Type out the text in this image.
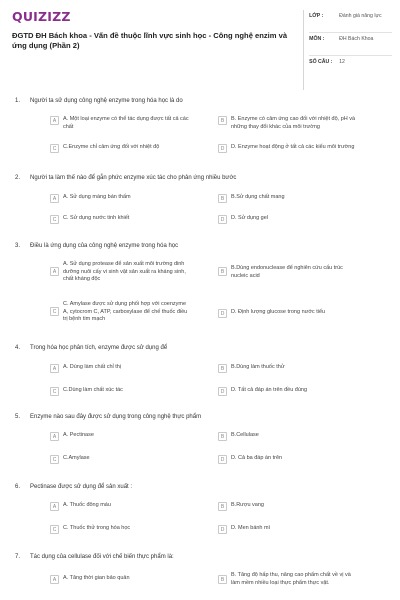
QUIZIZZ
ĐGTD ĐH Bách khoa - Vấn đề thuộc lĩnh vực sinh học - Công nghệ enzim và ứng dụng (Phần 2)
LỚP :	Đánh giá năng lực
MÔN :	ĐH Bách Khoa
SỐ CÂU :	12
1.	Người ta sử dụng công nghệ enzyme trong hóa học là do
A	A. Một loại enzyme có thể tác dụng được tất cả các chất
B	B. Enzyme có cảm ứng cao đối với nhiệt độ, pH và những thay đổi khác của môi trường
C	C.Enzyme chỉ cảm ứng đối với nhiệt độ	D	D. Enzyme hoạt động ở tất cả các kiểu môi trường
2.	Người ta làm thế nào để gắn phức enzyme xúc tác cho phản ứng nhiều bước
A	A. Sử dụng màng bán thấm	B	B.Sử dụng chất mang
C	C. Sử dụng nước tinh khiết	D	D. Sử dụng gel
3.	Điều là ứng dụng của công nghệ enzyme trong hóa học
A
A. Sử dụng protease để sản xuất môi trường dinh dưỡng nuôi cấy vi sinh vật sản xuất ra kháng sinh, chất kháng độc
B
B.Dùng endonuclease để nghiên cứu cấu trúc nucleic acid
C
C. Amylase được sử dụng phối hợp với coenzyme A, cytocrom C, ATP, carboxylase để chế thuốc điều trị bệnh tim mạch
D	D. Định lượng glucose trong nước tiểu
4.	Trong hóa học phân tích, enzyme được sử dụng để
A	A. Dùng làm chất chỉ thị	B	B.Dùng làm thuốc thử
C	C.Dùng làm chất xúc tác	D	D. Tất cả đáp án trên đều đúng
5.	Enzyme nào sau đây được sử dụng trong công nghệ thực phẩm
A	A. Pectinase	B	B.Cellulase
C	C.Amylase	D	D. Cả ba đáp án trên
6.	Pectinase được sử dụng để sản xuất :
A	A. Thuốc đông máu	B	B.Rượu vang
C	C. Thuốc thử trong hóa học	D	D. Men bánh mì
7.	Tác dụng của cellulase đối với chế biến thực phẩm là:
A	A. Tăng thời gian bảo quản	B
B. Tăng độ hấp thu, nâng cao phẩm chất về vị và làm mềm nhiều loại thực phẩm thực vật.
